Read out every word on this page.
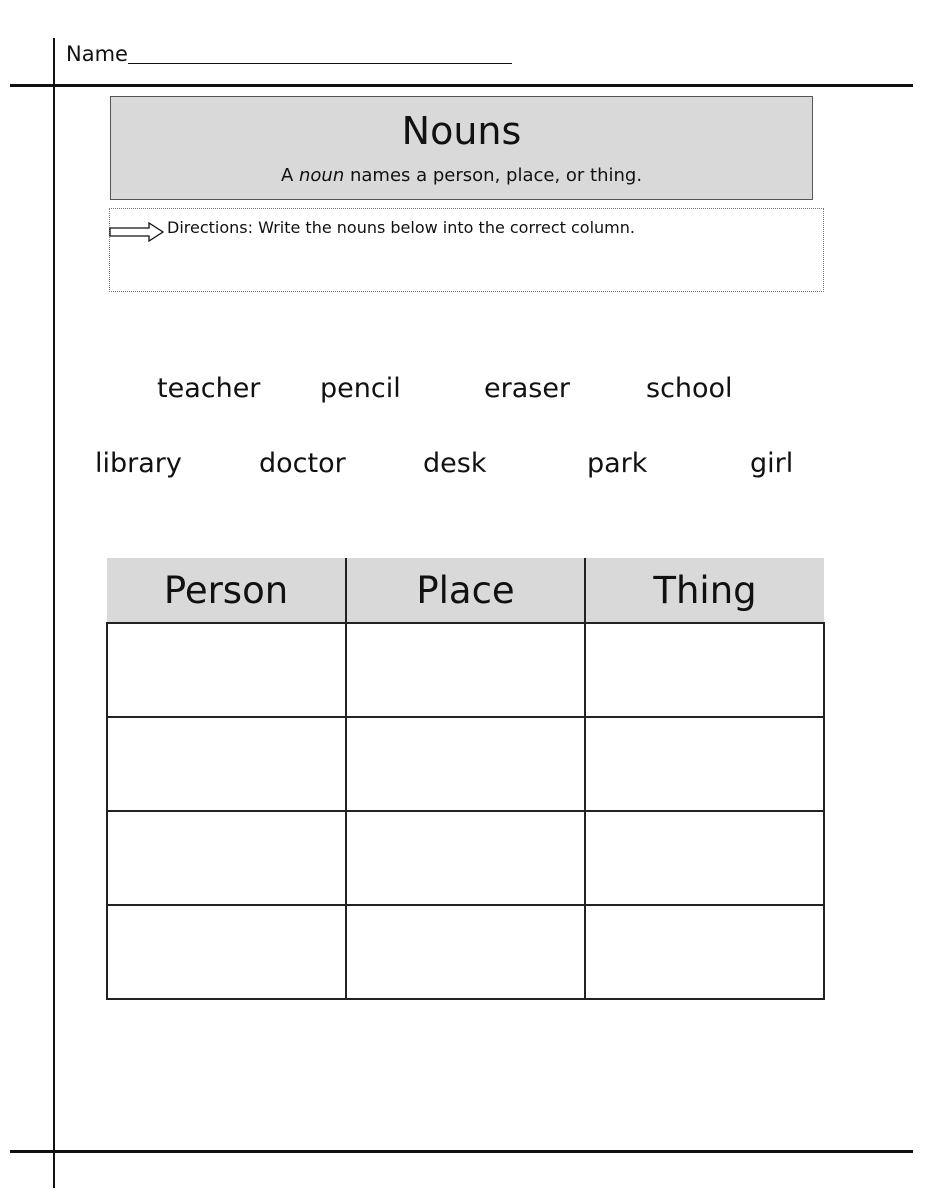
Name
Nouns
A noun names a person, place, or thing.
Directions: Write the nouns below into the correct column.
teacher pencil	eraser	school
library	doctor	desk	park	girl
Person	Place	Thing
